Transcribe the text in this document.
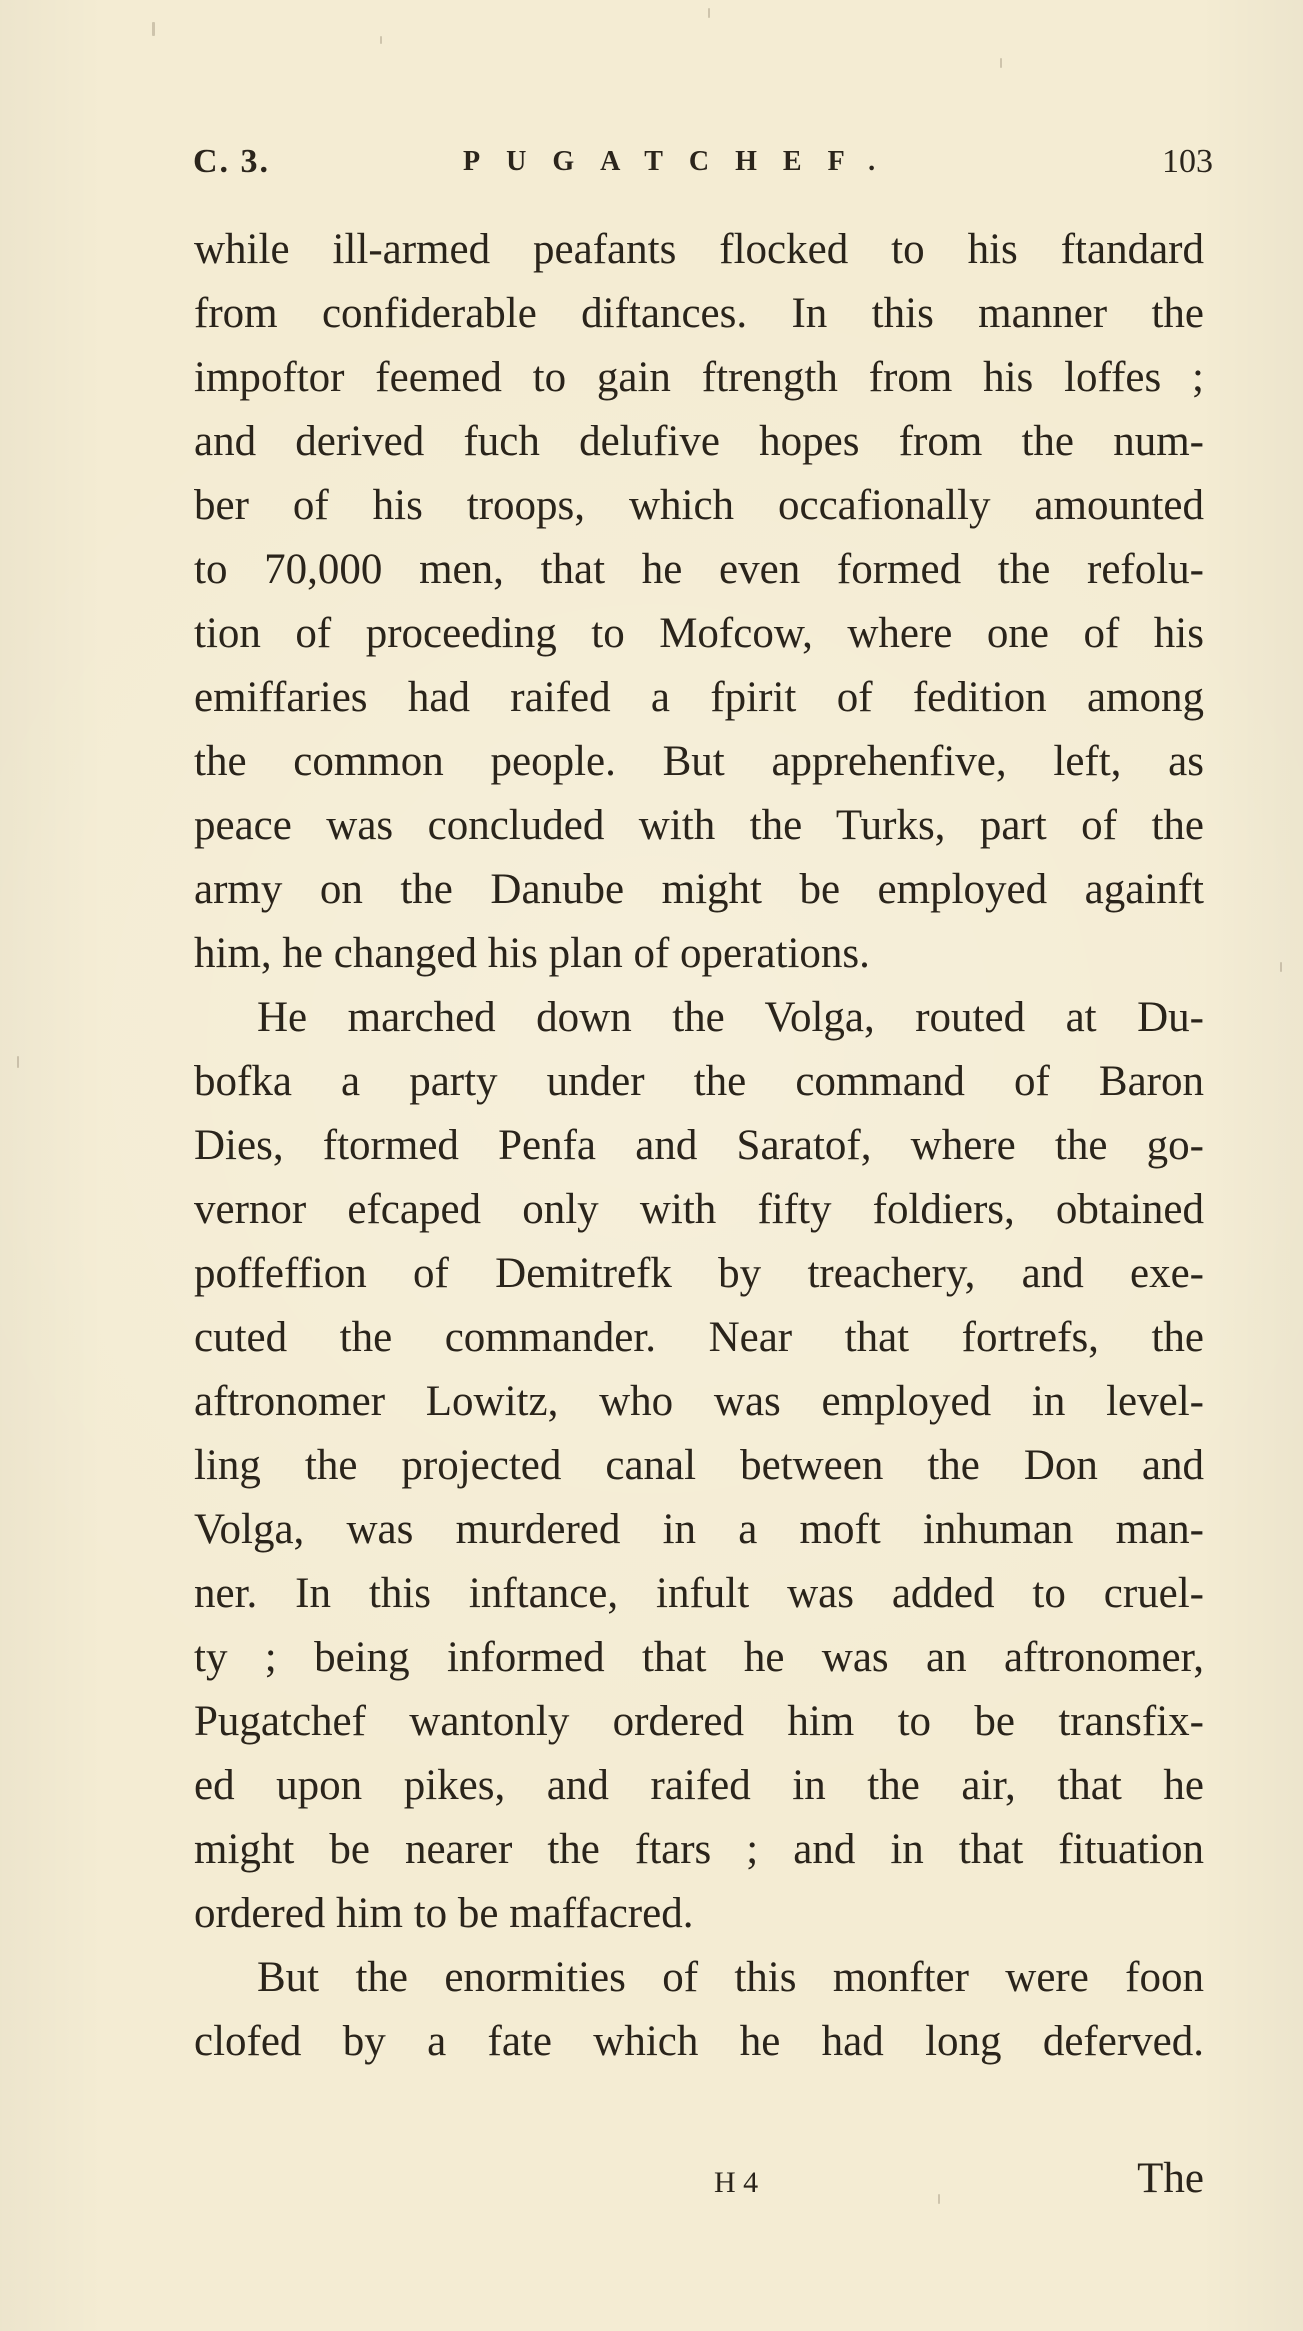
C. 3.	PUGATCHEF.	103
while ill-armed peafants flocked to his ftandard
from confiderable diftances. In this manner the
impoftor feemed to gain ftrength from his loffes ;
and derived fuch delufive hopes from the num-
ber of his troops, which occafionally amounted
to 70,000 men, that he even formed the refolu-
tion of proceeding to Mofcow, where one of his
emiffaries had raifed a fpirit of fedition among
the common people. But apprehenfive, left, as
peace was concluded with the Turks, part of the
army on the Danube might be employed againft
him, he changed his plan of operations.
He marched down the Volga, routed at Du-
bofka a party under the command of Baron
Dies, ftormed Penfa and Saratof, where the go-
vernor efcaped only with fifty foldiers, obtained
poffeffion of Demitrefk by treachery, and exe-
cuted the commander. Near that fortrefs, the
aftronomer Lowitz, who was employed in level-
ling the projected canal between the Don and
Volga, was murdered in a moft inhuman man-
ner. In this inftance, infult was added to cruel-
ty ; being informed that he was an aftronomer,
Pugatchef wantonly ordered him to be transfix-
ed upon pikes, and raifed in the air, that he
might be nearer the ftars ; and in that fituation
ordered him to be maffacred.
But the enormities of this monfter were foon
clofed by a fate which he had long deferved.
H 4	The
